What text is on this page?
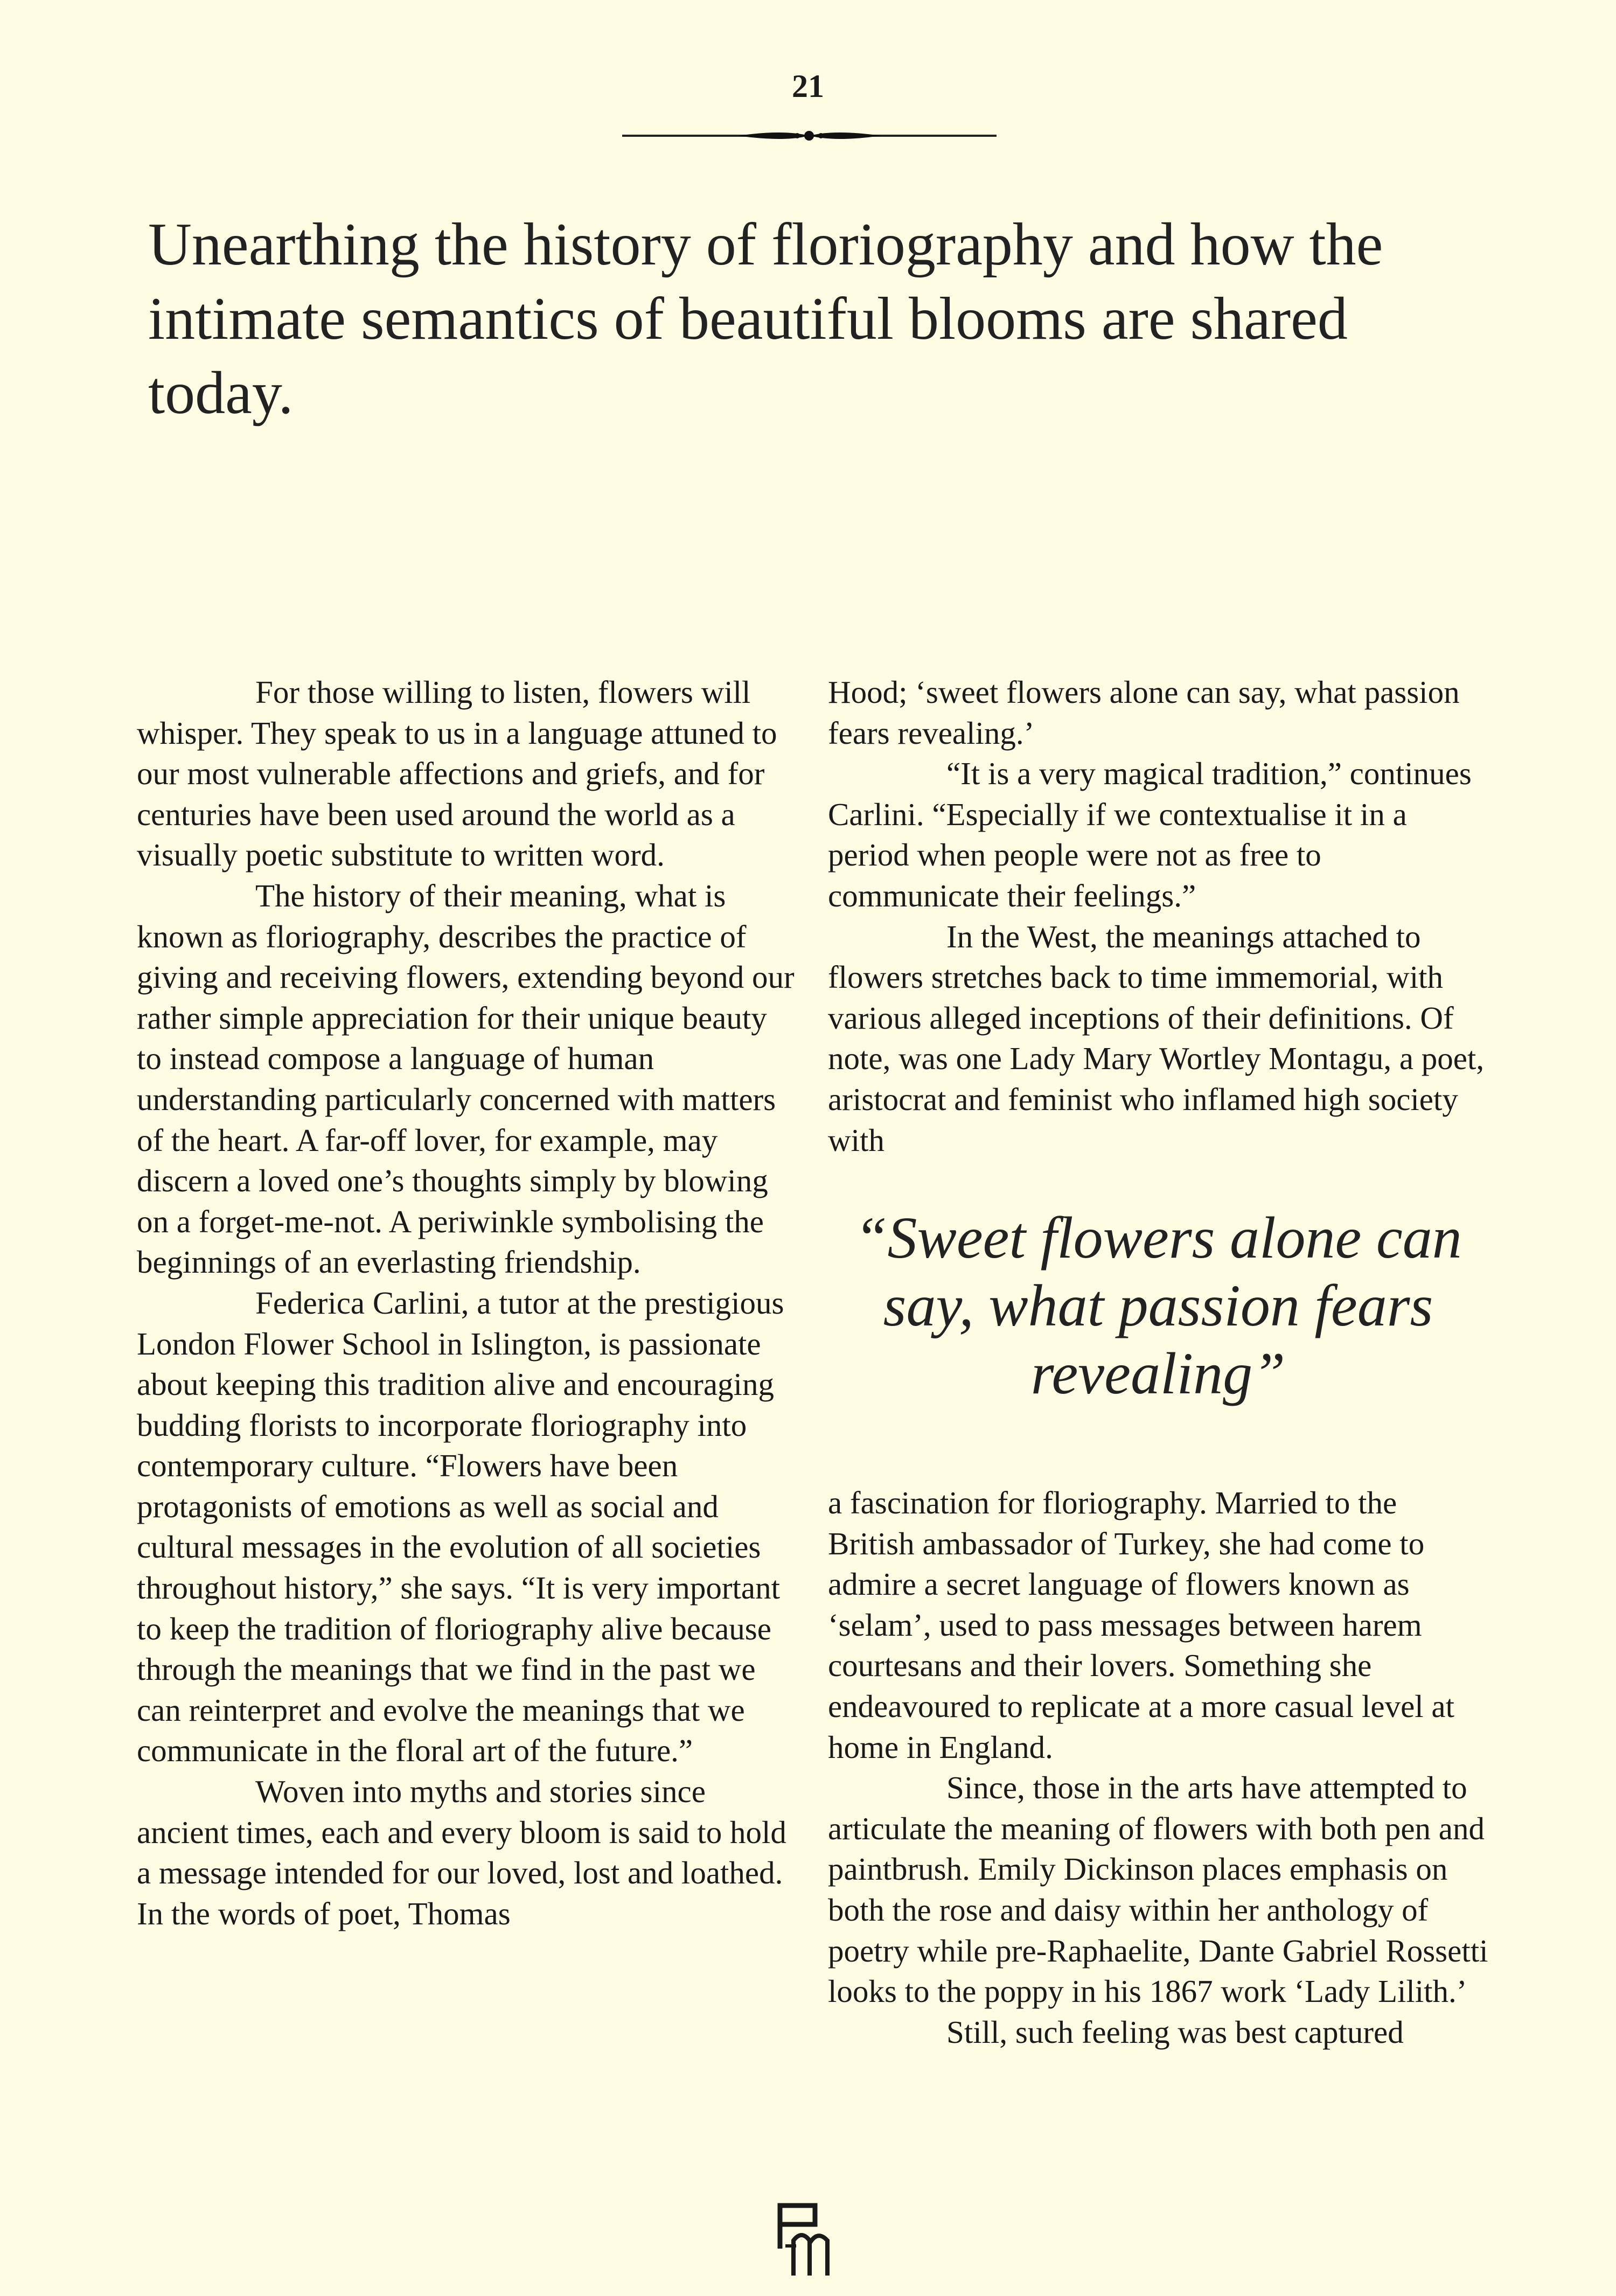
21
Unearthing the history of floriography and how the intimate semantics of beautiful blooms are shared today.

For those willing to listen, flowers will whisper. They speak to us in a language attuned to our most vulnerable affections and griefs, and for centuries have been used around the world as a visually poetic substitute to written word.

The history of their meaning, what is known as floriography, describes the practice of giving and receiving flowers, extending beyond our rather simple appreciation for their unique beauty to instead compose a language of human understanding particularly concerned with matters of the heart. A far-off lover, for example, may discern a loved one’s thoughts simply by blowing on a forget-me-not. A periwinkle symbolising the beginnings of an everlasting friendship.

Federica Carlini, a tutor at the prestigious London Flower School in Islington, is passionate about keeping this tradition alive and encouraging budding florists to incorporate floriography into contemporary culture. “Flowers have been protagonists of emotions as well as social and cultural messages in the evolution of all societies throughout history,” she says. “It is very important to keep the tradition of floriography alive because through the meanings that we find in the past we can reinterpret and evolve the meanings that we communicate in the floral art of the future.”

Woven into myths and stories since ancient times, each and every bloom is said to hold a message intended for our loved, lost and loathed. In the words of poet, Thomas

Hood; ‘sweet flowers alone can say, what passion fears revealing.’

“It is a very magical tradition,” continues Carlini. “Especially if we contextualise it in a period when people were not as free to communicate their feelings.”

In the West, the meanings attached to flowers stretches back to time immemorial, with various alleged inceptions of their definitions. Of note, was one Lady Mary Wortley Montagu, a poet, aristocrat and feminist who inflamed high society with

a fascination for floriography. Married to the British ambassador of Turkey, she had come to admire a secret language of flowers known as ‘selam’, used to pass messages between harem courtesans and their lovers. Something she endeavoured to replicate at a more casual level at home in England.

Since, those in the arts have attempted to articulate the meaning of flowers with both pen and paintbrush. Emily Dickinson places emphasis on both the rose and daisy within her anthology of poetry while pre-Raphaelite, Dante Gabriel Rossetti looks to the poppy in his 1867 work ‘Lady Lilith.’

Still, such feeling was best captured

“Sweet flowers alone can say, what passion fears revealing”
